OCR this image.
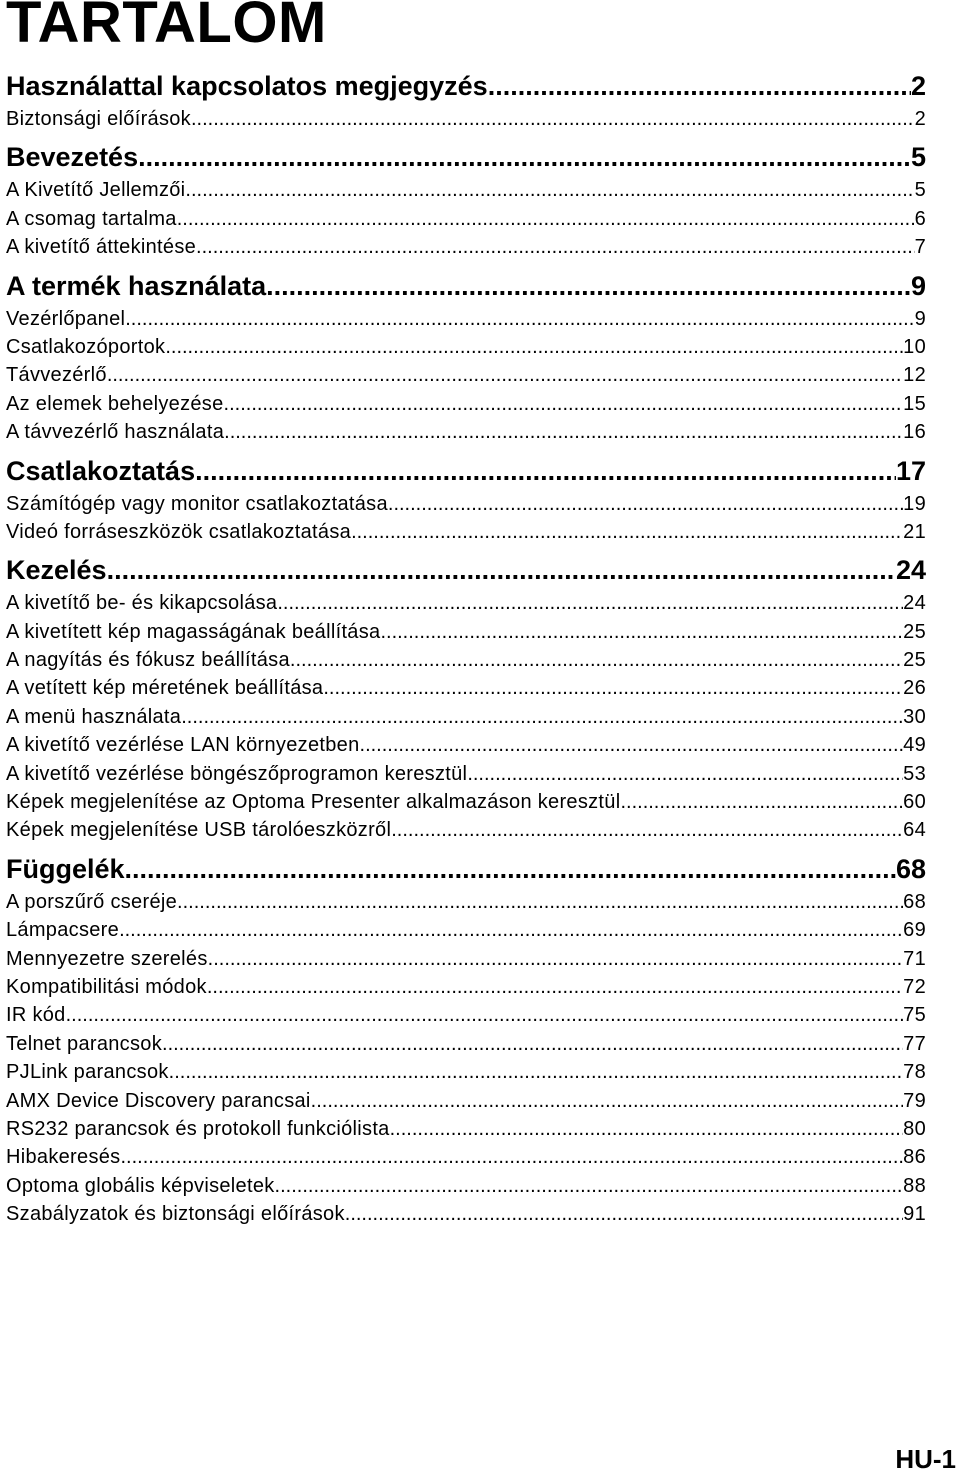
TARTALOM
Használattal kapcsolatos megjegyzés .....	2
Biztonsági előírások .....	2
Bevezetés .....	5
A Kivetítő Jellemzői .....	5
A csomag tartalma .....	6
A kivetítő áttekintése .....	7
A termék használata .....	9
Vezérlőpanel .....	9
Csatlakozóportok .....	10
Távvezérlő .....	12
Az elemek behelyezése .....	15
A távvezérlő használata .....	16
Csatlakoztatás .....	17
Számítógép vagy monitor csatlakoztatása .....	19
Videó forráseszközök csatlakoztatása .....	21
Kezelés .....	24
A kivetítő be- és kikapcsolása .....	24
A kivetített kép magasságának beállítása .....	25
A nagyítás és fókusz beállítása .....	25
A vetített kép méretének beállítása .....	26
A menü használata .....	30
A kivetítő vezérlése LAN környezetben .....	49
A kivetítő vezérlése böngészőprogramon keresztül .....	53
Képek megjelenítése az Optoma Presenter alkalmazáson keresztül .....	60
Képek megjelenítése USB tárolóeszközről .....	64
Függelék .....	68
A porszűrő cseréje .....	68
Lámpacsere .....	69
Mennyezetre szerelés .....	71
Kompatibilitási módok .....	72
IR kód .....	75
Telnet parancsok .....	77
PJLink parancsok .....	78
AMX Device Discovery parancsai .....	79
RS232 parancsok és protokoll funkciólista .....	80
Hibakeresés .....	86
Optoma globális képviseletek .....	88
Szabályzatok és biztonsági előírások .....	91
HU-1
